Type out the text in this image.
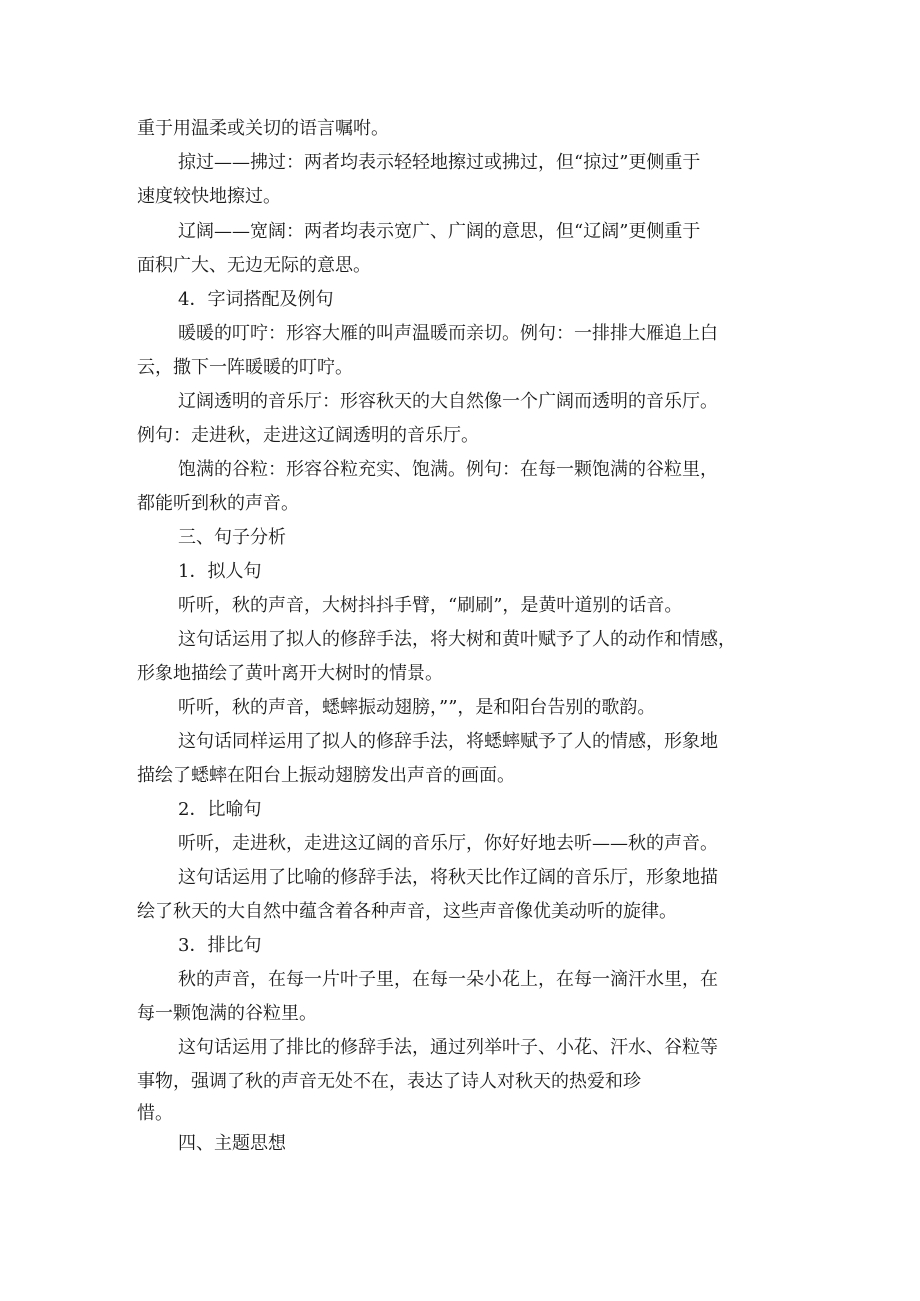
重于用温柔或关切的语言嘱咐。

掠过——拂过：两者均表示轻轻地擦过或拂过，但“掠过”更侧重于

速度较快地擦过。

辽阔——宽阔：两者均表示宽广、广阔的意思，但“辽阔”更侧重于

面积广大、无边无际的意思。

4．字词搭配及例句

暖暖的叮咛：形容大雁的叫声温暖而亲切。例句：一排排大雁追上白

云，撒下一阵暖暖的叮咛。

辽阔透明的音乐厅：形容秋天的大自然像一个广阔而透明的音乐厅。

例句：走进秋，走进这辽阔透明的音乐厅。

饱满的谷粒：形容谷粒充实、饱满。例句：在每一颗饱满的谷粒里，

都能听到秋的声音。

三、句子分析

1．拟人句

听听，秋的声音，大树抖抖手臂，“刷刷”，是黄叶道别的话音。

这句话运用了拟人的修辞手法，将大树和黄叶赋予了人的动作和情感，

形象地描绘了黄叶离开大树时的情景。

听听，秋的声音，蟋蟀振动翅膀，””，是和阳台告别的歌韵。

这句话同样运用了拟人的修辞手法，将蟋蟀赋予了人的情感，形象地

描绘了蟋蟀在阳台上振动翅膀发出声音的画面。

2．比喻句

听听，走进秋，走进这辽阔的音乐厅，你好好地去听——秋的声音。

这句话运用了比喻的修辞手法，将秋天比作辽阔的音乐厅，形象地描

绘了秋天的大自然中蕴含着各种声音，这些声音像优美动听的旋律。

3．排比句

秋的声音，在每一片叶子里，在每一朵小花上，在每一滴汗水里，在

每一颗饱满的谷粒里。

这句话运用了排比的修辞手法，通过列举叶子、小花、汗水、谷粒等

事物，强调了秋的声音无处不在，表达了诗人对秋天的热爱和珍

惜。

四、主题思想
